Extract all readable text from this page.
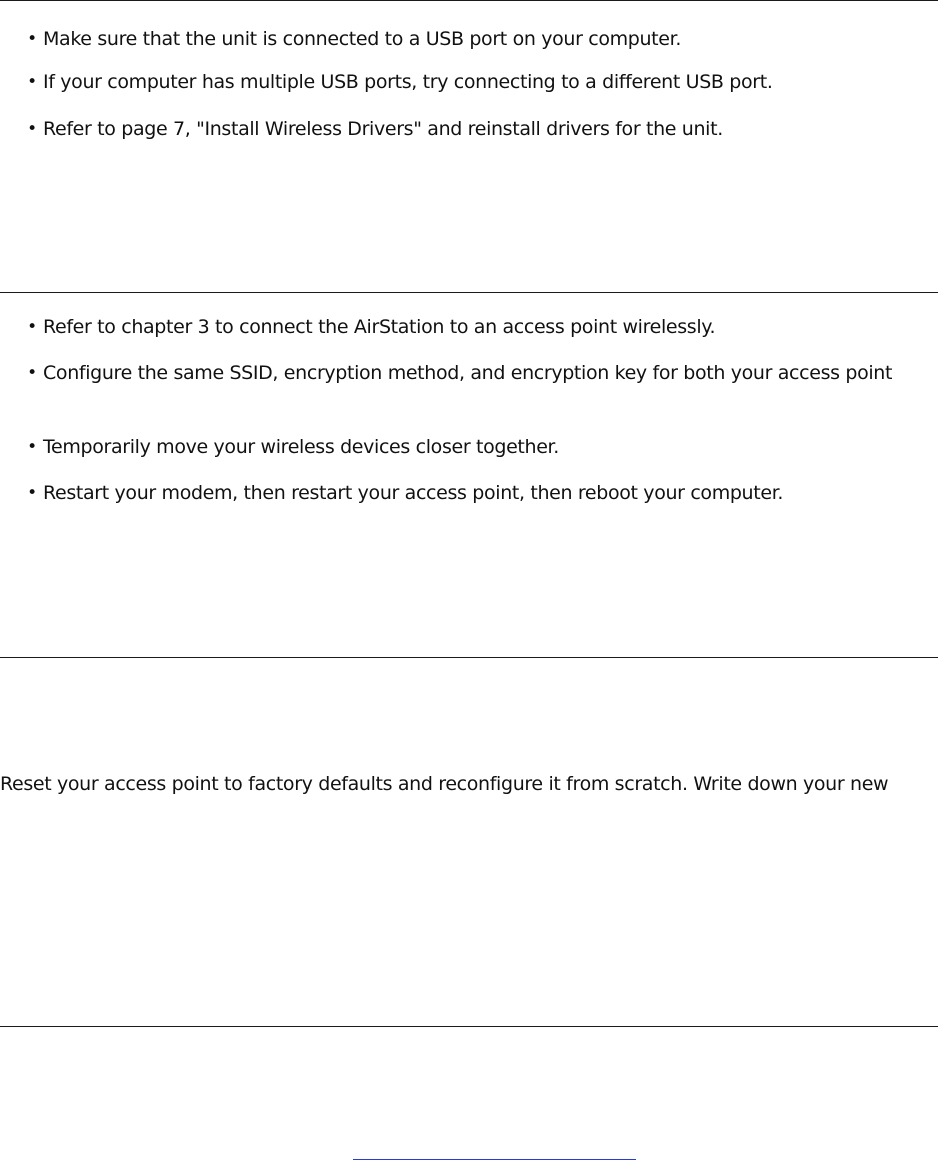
• Make sure that the unit is connected to a USB port on your computer.
• If your computer has multiple USB ports, try connecting to a different USB port.
• Refer to page 7, "Install Wireless Drivers" and reinstall drivers for the unit.
• Refer to chapter 3 to connect the AirStation to an access point wirelessly.
• Configure the same SSID, encryption method, and encryption key for both your access point
• Temporarily move your wireless devices closer together.
• Restart your modem, then restart your access point, then reboot your computer.

Reset your access point to factory defaults and reconfigure it from scratch. Write down your new
